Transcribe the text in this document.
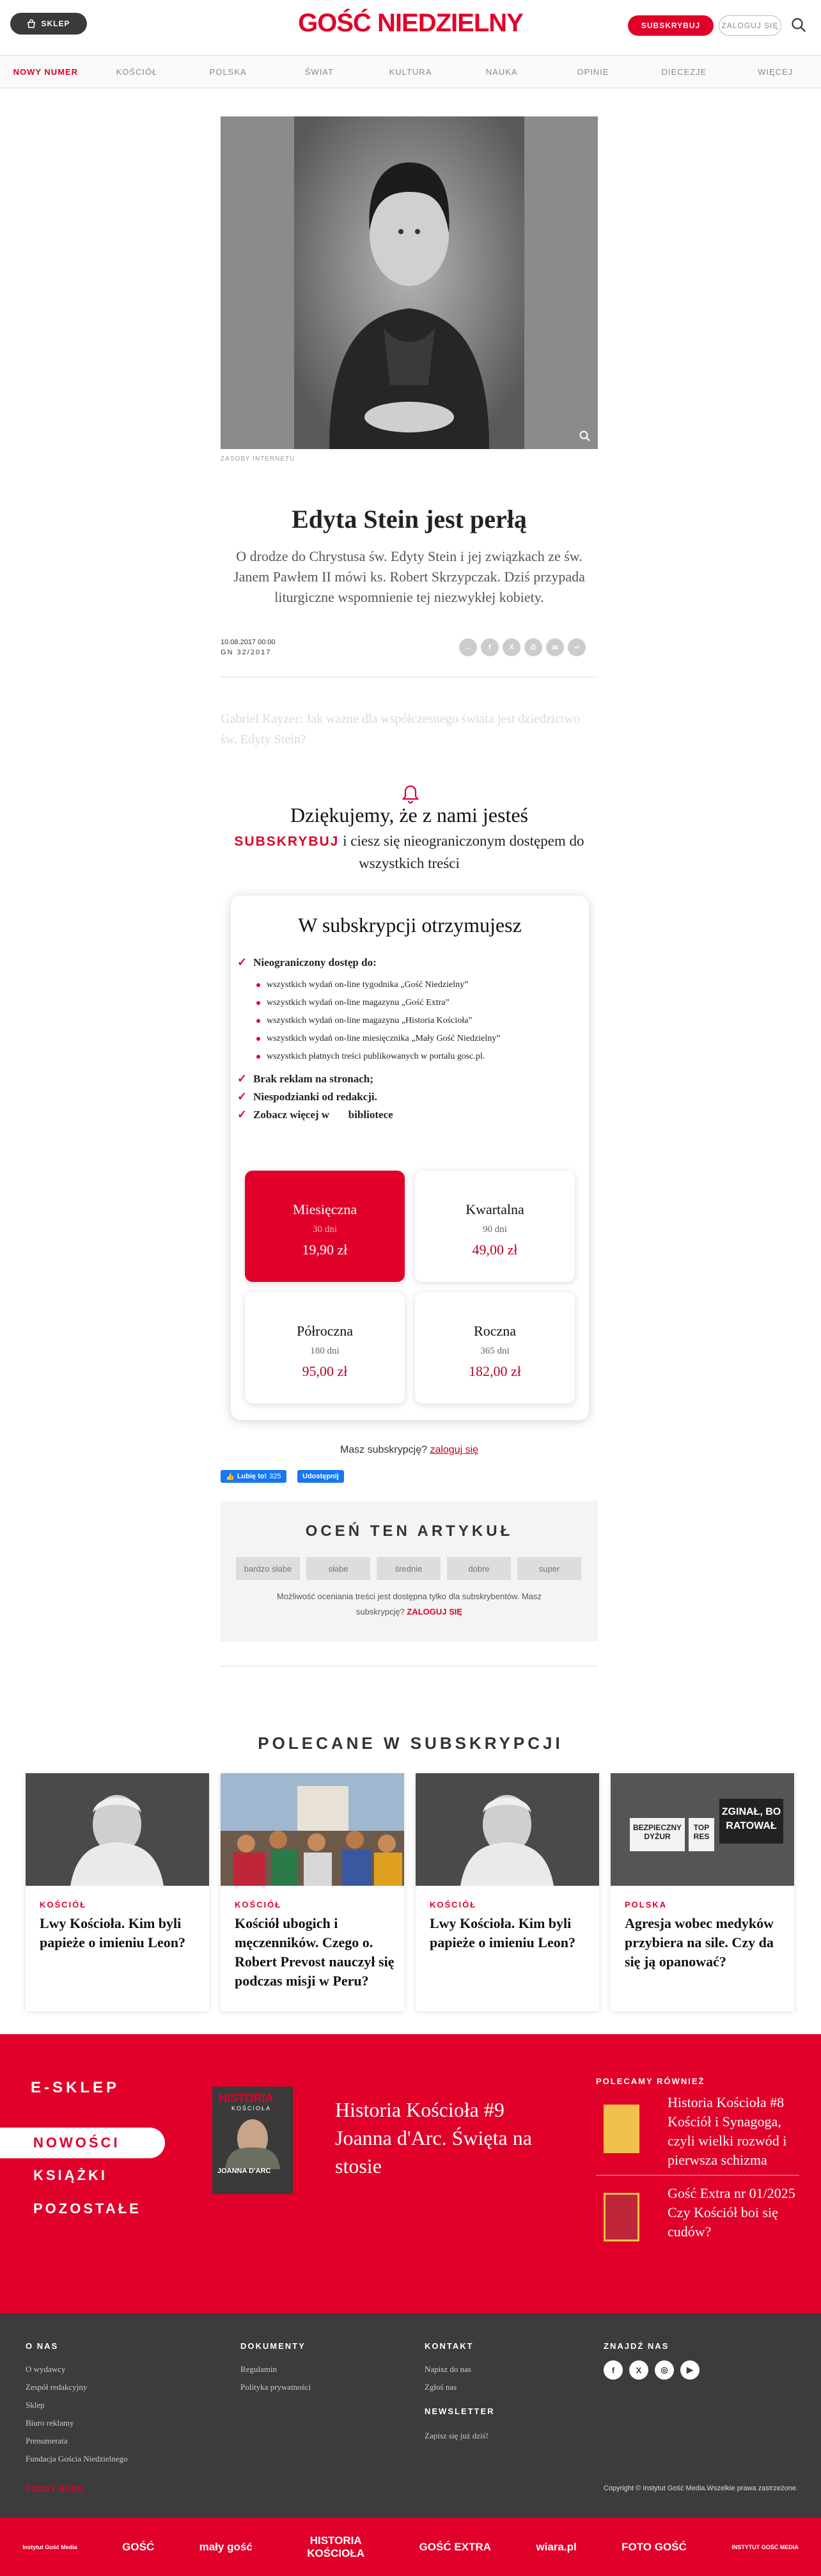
SKLEP	GOŚĆ NIEDZIELNY	SUBSKRYBUJ	ZALOGUJ SIĘ
NOWY NUMER	KOŚCIÓŁ	POLSKA	ŚWIAT	KULTURA	NAUKA	OPINIE	DIECEZJE	WIĘCEJ
ZASOBY INTERNETU
Edyta Stein jest perłą

O drodze do Chrystusa św. Edyty Stein i jej związkach ze św. Janem Pawłem II mówi ks. Robert Skrzypczak. Dziś przypada liturgiczne wspomnienie tej niezwykłej kobiety.

10.08.2017 00:00
GN 32/2017
…	f	X	⎙	✉	∞
Gabriel Kayzer: Jak ważne dla współczesnego świata jest dziedzictwo św. Edyty Stein?
Dziękujemy, że z nami jesteś
SUBSKRYBUJ i ciesz się nieograniczonym dostępem do wszystkich treści
W subskrypcji otrzymujesz
✓ Nieograniczony dostęp do:
wszystkich wydań on-line tygodnika „Gość Niedzielny”
wszystkich wydań on-line magazynu „Gość Extra”
wszystkich wydań on-line magazynu „Historia Kościoła”
wszystkich wydań on-line miesięcznika „Mały Gość Niedzielny”
wszystkich płatnych treści publikowanych w portalu gosc.pl.
✓ Brak reklam na stronach;
✓ Niespodzianki od redakcji.
✓ Zobacz więcej w       bibliotece
Miesięczna
30 dni
19,90 zł
Kwartalna
90 dni
49,00 zł
Półroczna
180 dni
95,00 zł
Roczna
365 dni
182,00 zł
Masz subskrypcję? zaloguj się
👍 Lubię to! 325	Udostępnij
OCEŃ TEN ARTYKUŁ
bardzo słabe	słabe	średnie	dobre	super

Możliwość oceniania treści jest dostępna tylko dla subskrybentów. Masz subskrypcję? ZALOGUJ SIĘ

POLECANE W SUBSKRYPCJI
KOŚCIÓŁ
Lwy Kościoła. Kim byli papieże o imieniu Leon?
KOŚCIÓŁ
Kościół ubogich i męczenników. Czego o. Robert Prevost nauczył się podczas misji w Peru?
KOŚCIÓŁ
Lwy Kościoła. Kim byli papieże o imieniu Leon?
BEZPIECZNY DYŻUR
TOP RES
ZGINAŁ, BO RATOWAŁ
POLSKA
Agresja wobec medyków przybiera na sile. Czy da się ją opanować?
E-SKLEP
NOWOŚCI
KSIĄŻKI
POZOSTAŁE
HISTORIA
KOŚCIOŁA
JOANNA D'ARC
Historia Kościoła #9 Joanna d'Arc. Święta na stosie
POLECAMY RÓWNIEŻ
Historia Kościoła #8 Kościół i Synagoga, czyli wielki rozwód i pierwsza schizma
Gość Extra nr 01/2025 Czy Kościół boi się cudów?
O NAS
O wydawcy
Zespół redakcyjny
Sklep
Biuro reklamy
Prenumerata
Fundacja Gościa Niedzielnego
DOKUMENTY
Regulamin
Polityka prywatności
KONTAKT
Napisz do nas
Zgłoś nas
NEWSLETTER
Zapisz się już dziś!
ZNAJDŹ NAS
f	X	◎	▶
ZGODY RODO	Copyright © Instytut Gość Media.Wszelkie prawa zastrzeżone.
Instytut Gość Media	GOŚĆ	mały gość
HISTORIA KOŚCIOŁA
GOŚĆ EXTRA	wiara.pl	FOTO GOŚĆ	INSTYTUT GOŚĆ MEDIA
